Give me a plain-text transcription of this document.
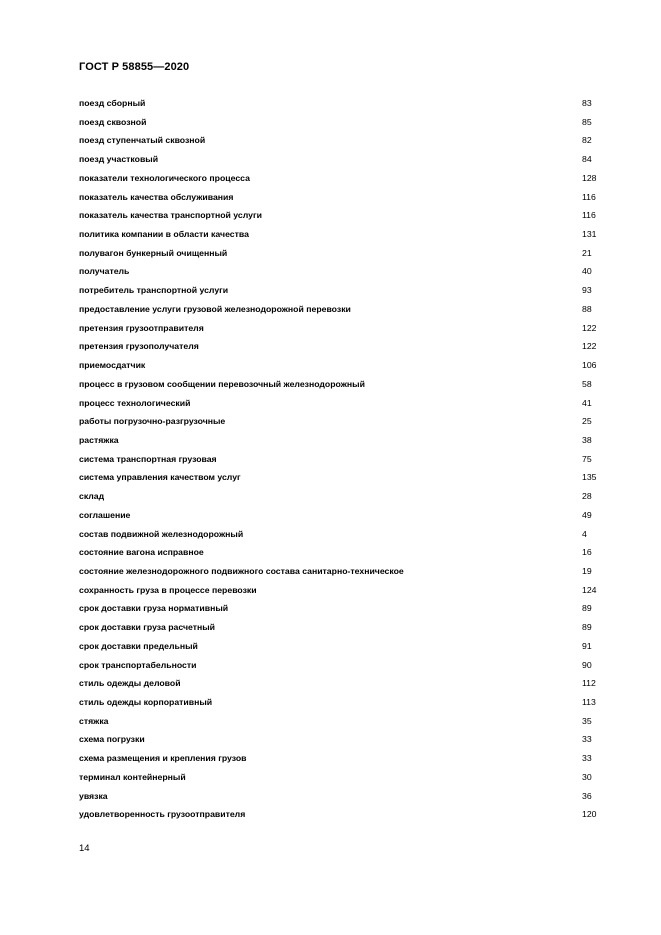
ГОСТ Р 58855—2020
поезд сборный	83
поезд сквозной	85
поезд ступенчатый сквозной	82
поезд участковый	84
показатели технологического процесса	128
показатель качества обслуживания	116
показатель качества транспортной услуги	116
политика компании в области качества	131
полувагон бункерный очищенный	21
получатель	40
потребитель транспортной услуги	93
предоставление услуги грузовой железнодорожной перевозки	88
претензия грузоотправителя	122
претензия грузополучателя	122
приемосдатчик	106
процесс в грузовом сообщении перевозочный железнодорожный	58
процесс технологический	41
работы погрузочно-разгрузочные	25
растяжка	38
система транспортная грузовая	75
система управления качеством услуг	135
склад	28
соглашение	49
состав подвижной железнодорожный	4
состояние вагона исправное	16
состояние железнодорожного подвижного состава санитарно-техническое	19
сохранность груза в процессе перевозки	124
срок доставки груза нормативный	89
срок доставки груза расчетный	89
срок доставки предельный	91
срок транспортабельности	90
стиль одежды деловой	112
стиль одежды корпоративный	113
стяжка	35
схема погрузки	33
схема размещения и крепления грузов	33
терминал контейнерный	30
увязка	36
удовлетворенность грузоотправителя	120
14
